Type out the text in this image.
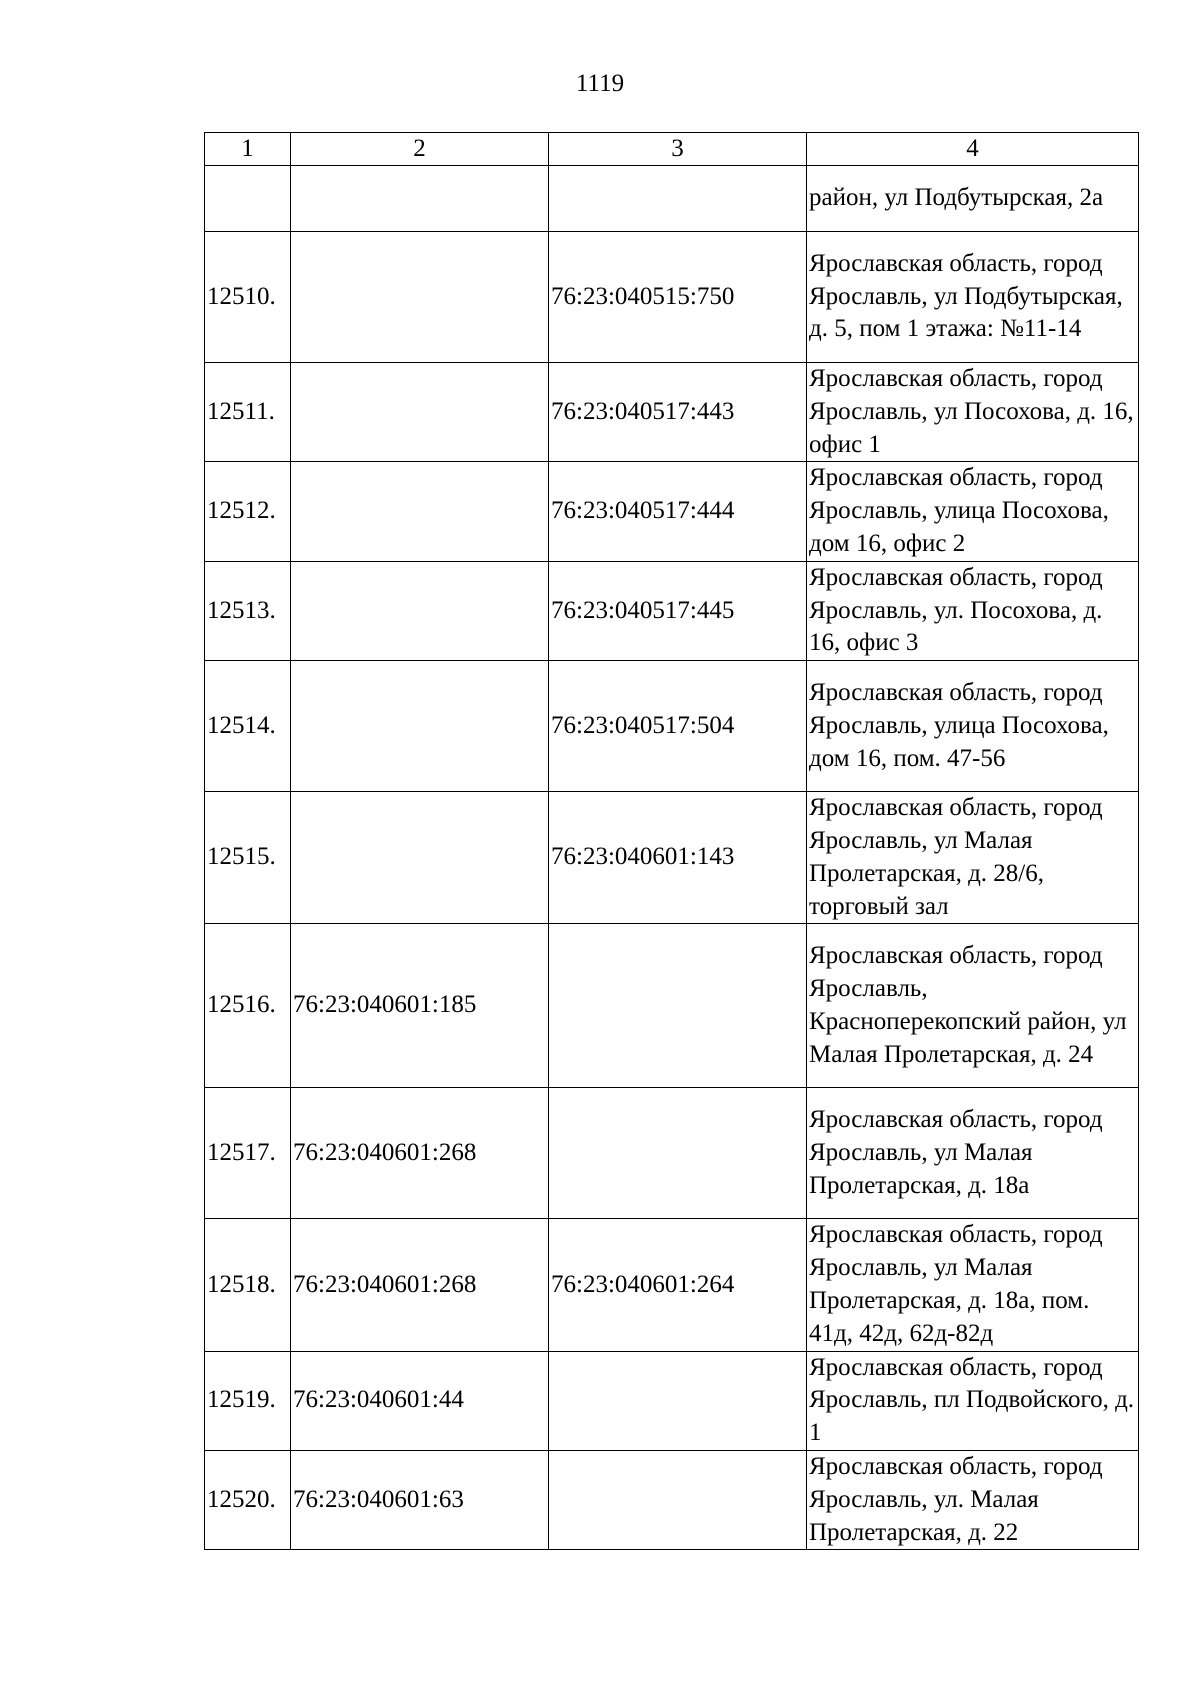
1119
1	2	3	4
			район, ул Подбутырская, 2а
12510.		76:23:040515:750	Ярославская область, город Ярославль, ул Подбутырская, д. 5, пом 1 этажа: №11-14
12511.		76:23:040517:443	Ярославская область, город Ярославль, ул Посохова, д. 16, офис 1
12512.		76:23:040517:444	Ярославская область, город Ярославль, улица Посохова, дом 16, офис 2
12513.		76:23:040517:445	Ярославская область, город Ярославль, ул. Посохова, д. 16, офис 3
12514.		76:23:040517:504	Ярославская область, город Ярославль, улица Посохова, дом 16, пом. 47-56
12515.		76:23:040601:143	Ярославская область, город Ярославль, ул Малая Пролетарская, д. 28/6, торговый зал
12516.	76:23:040601:185		Ярославская область, город Ярославль, Красноперекопский район, ул Малая Пролетарская, д. 24
12517.	76:23:040601:268		Ярославская область, город Ярославль, ул Малая Пролетарская, д. 18а
12518.	76:23:040601:268	76:23:040601:264	Ярославская область, город Ярославль, ул Малая Пролетарская, д. 18а, пом. 41д, 42д, 62д-82д
12519.	76:23:040601:44		Ярославская область, город Ярославль, пл Подвойского, д. 1
12520.	76:23:040601:63		Ярославская область, город Ярославль, ул. Малая Пролетарская, д. 22
